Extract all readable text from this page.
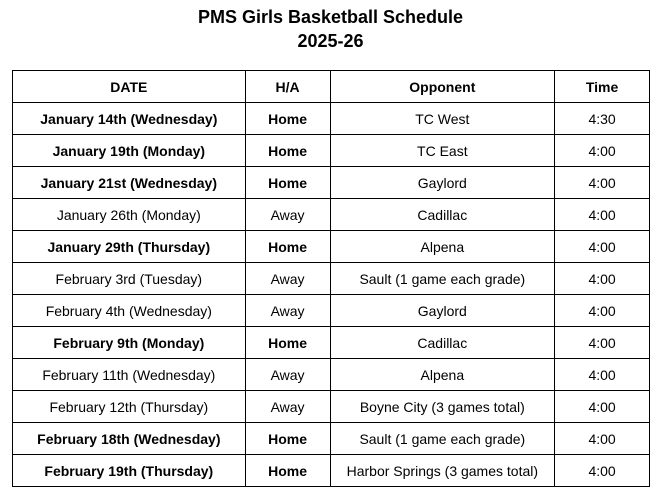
PMS Girls Basketball Schedule
2025-26
DATE	H/A	Opponent	Time
January 14th (Wednesday)	Home	TC West	4:30
January 19th (Monday)	Home	TC East	4:00
January 21st (Wednesday)	Home	Gaylord	4:00
January 26th (Monday)	Away	Cadillac	4:00
January 29th (Thursday)	Home	Alpena	4:00
February 3rd (Tuesday)	Away	Sault (1 game each grade)	4:00
February 4th (Wednesday)	Away	Gaylord	4:00
February 9th (Monday)	Home	Cadillac	4:00
February 11th (Wednesday)	Away	Alpena	4:00
February 12th (Thursday)	Away	Boyne City (3 games total)	4:00
February 18th (Wednesday)	Home	Sault (1 game each grade)	4:00
February 19th (Thursday)	Home	Harbor Springs (3 games total)	4:00
